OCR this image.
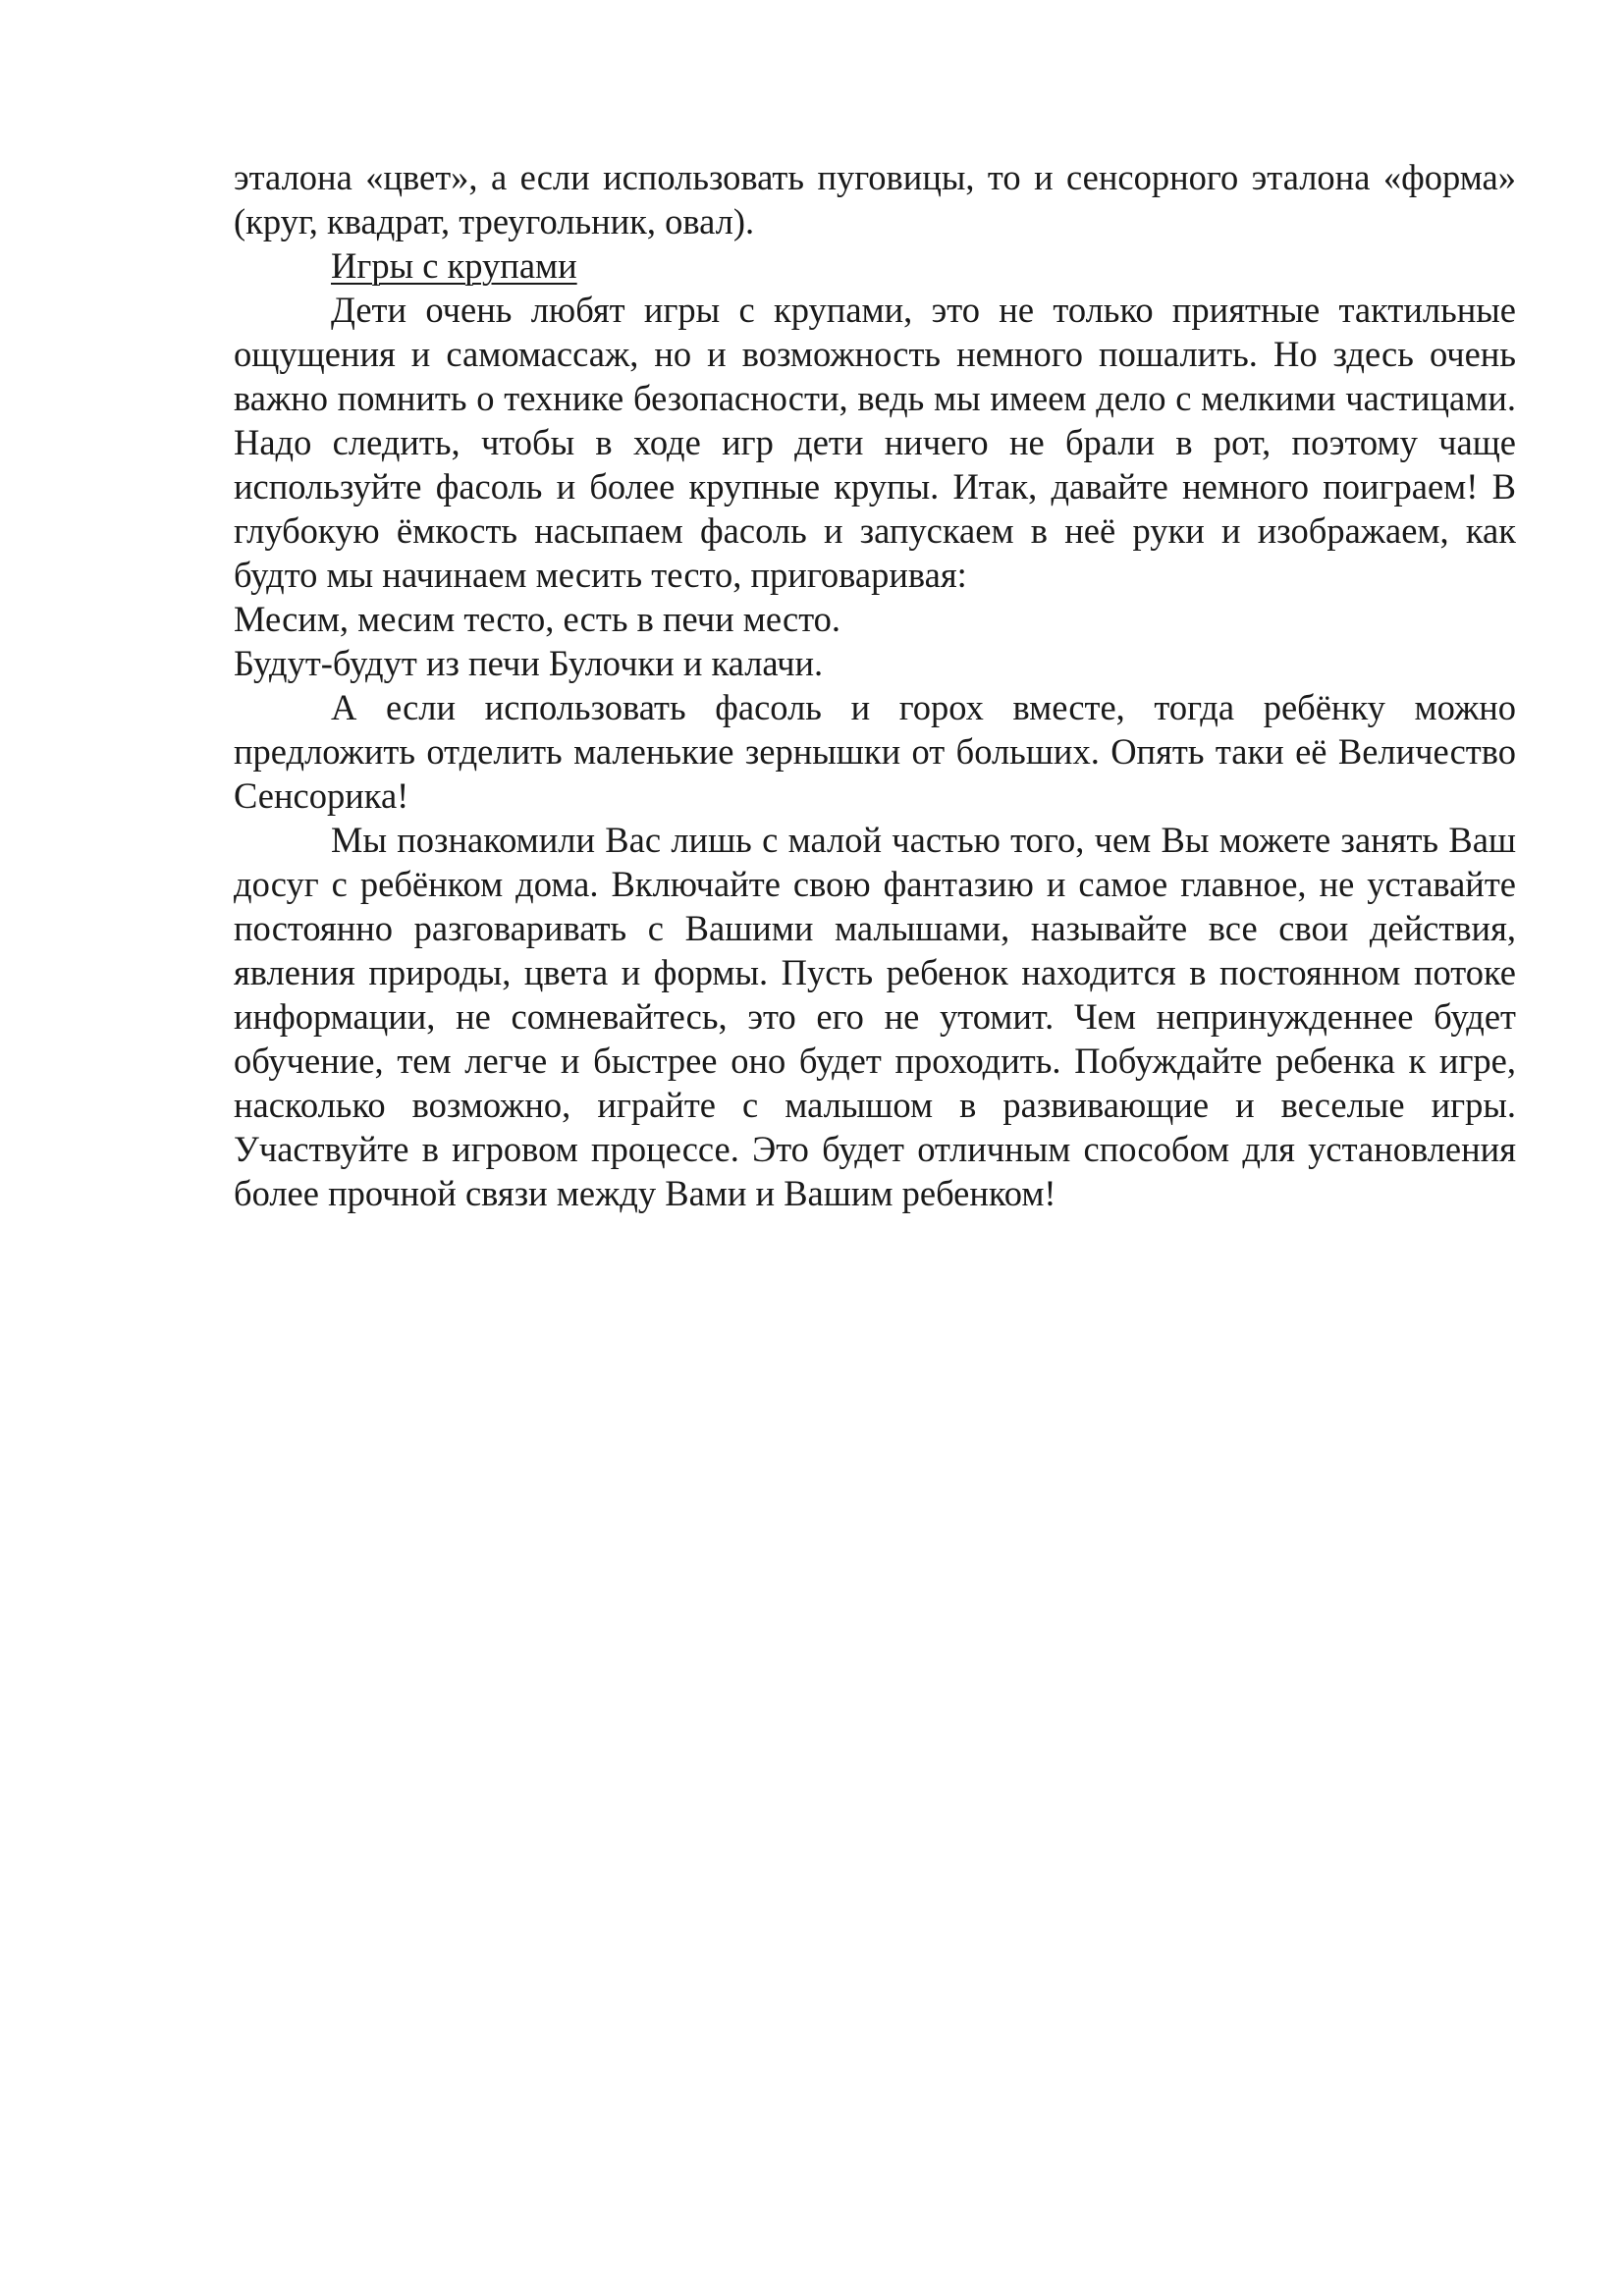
эталона «цвет», а если использовать пуговицы, то и сенсорного эталона «форма» (круг, квадрат, треугольник, овал).

Игры с крупами

Дети очень любят игры с крупами, это не только приятные тактильные ощущения и самомассаж, но и возможность немного пошалить. Но здесь очень важно помнить о технике безопасности, ведь мы имеем дело с мелкими частицами. Надо следить, чтобы в ходе игр дети ничего не брали в рот, поэтому чаще используйте фасоль и более крупные крупы. Итак, давайте немного поиграем! В глубокую ёмкость насыпаем фасоль и запускаем в неё руки и изображаем, как будто мы начинаем месить тесто, приговаривая:

Месим, месим тесто, есть в печи место.

Будут-будут из печи Булочки и калачи.

А если использовать фасоль и горох вместе, тогда ребёнку можно предложить отделить маленькие зернышки от больших. Опять таки её Величество Сенсорика!

Мы познакомили Вас лишь с малой частью того, чем Вы можете занять Ваш досуг с ребёнком дома. Включайте свою фантазию и самое главное, не уставайте постоянно разговаривать с Вашими малышами, называйте все свои действия, явления природы, цвета и формы. Пусть ребенок находится в постоянном потоке информации, не сомневайтесь, это его не утомит. Чем непринужденнее будет обучение, тем легче и быстрее оно будет проходить. Побуждайте ребенка к игре, насколько возможно, играйте с малышом в развивающие и веселые игры. Участвуйте в игровом процессе. Это будет отличным способом для установления более прочной связи между Вами и Вашим ребенком!
